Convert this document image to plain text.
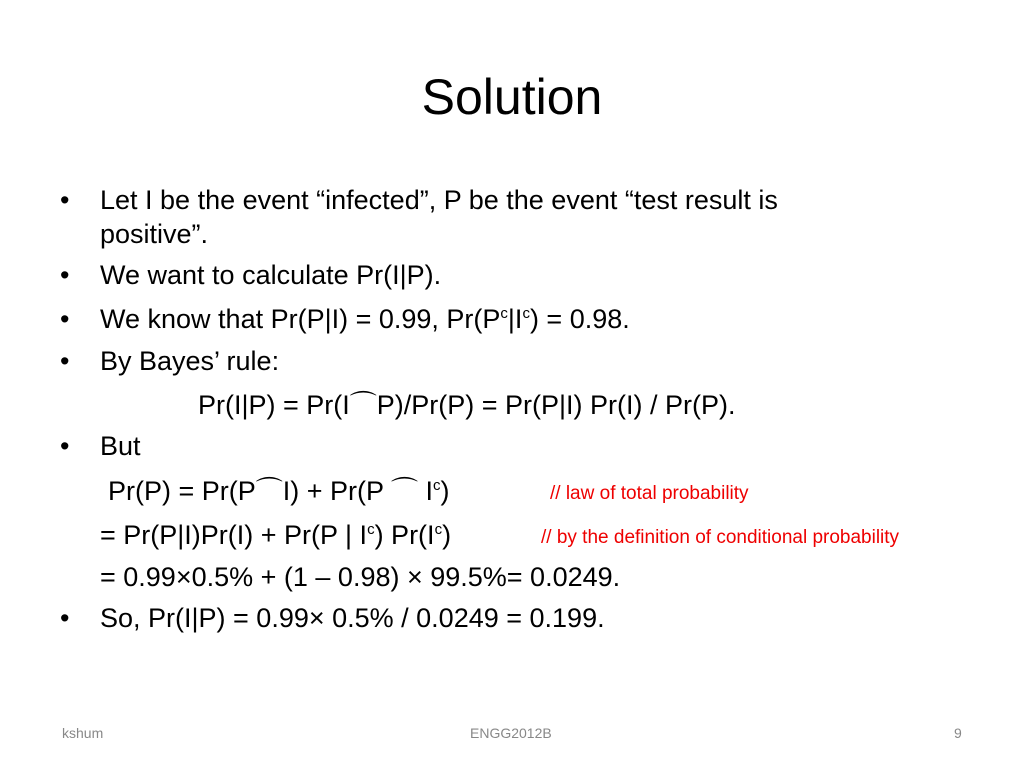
Solution
• Let I be the event “infected”, P be the event “test result is
positive”.
• We want to calculate Pr(I|P).
• We know that Pr(P|I) = 0.99, $Pr(P^c|I^c) = 0.98$.
• By Bayes’ rule:
Pr(I|P) = Pr(I⌒P)/Pr(P) = Pr(P|I) Pr(I) / Pr(P).
• But
Pr(P) = Pr(P⌒I) + Pr(P ⌒ $I^c$)	// law of total probability
= Pr(P|I)Pr(I) + Pr(P | $I^c$) $Pr(I^c)$	// by the definition of conditional probability
= 0.99×0.5% + (1 – 0.98) × 99.5%= 0.0249.
• So, Pr(I|P) = 0.99× 0.5% / 0.0249 = 0.199.
kshum	ENGG2012B	9
